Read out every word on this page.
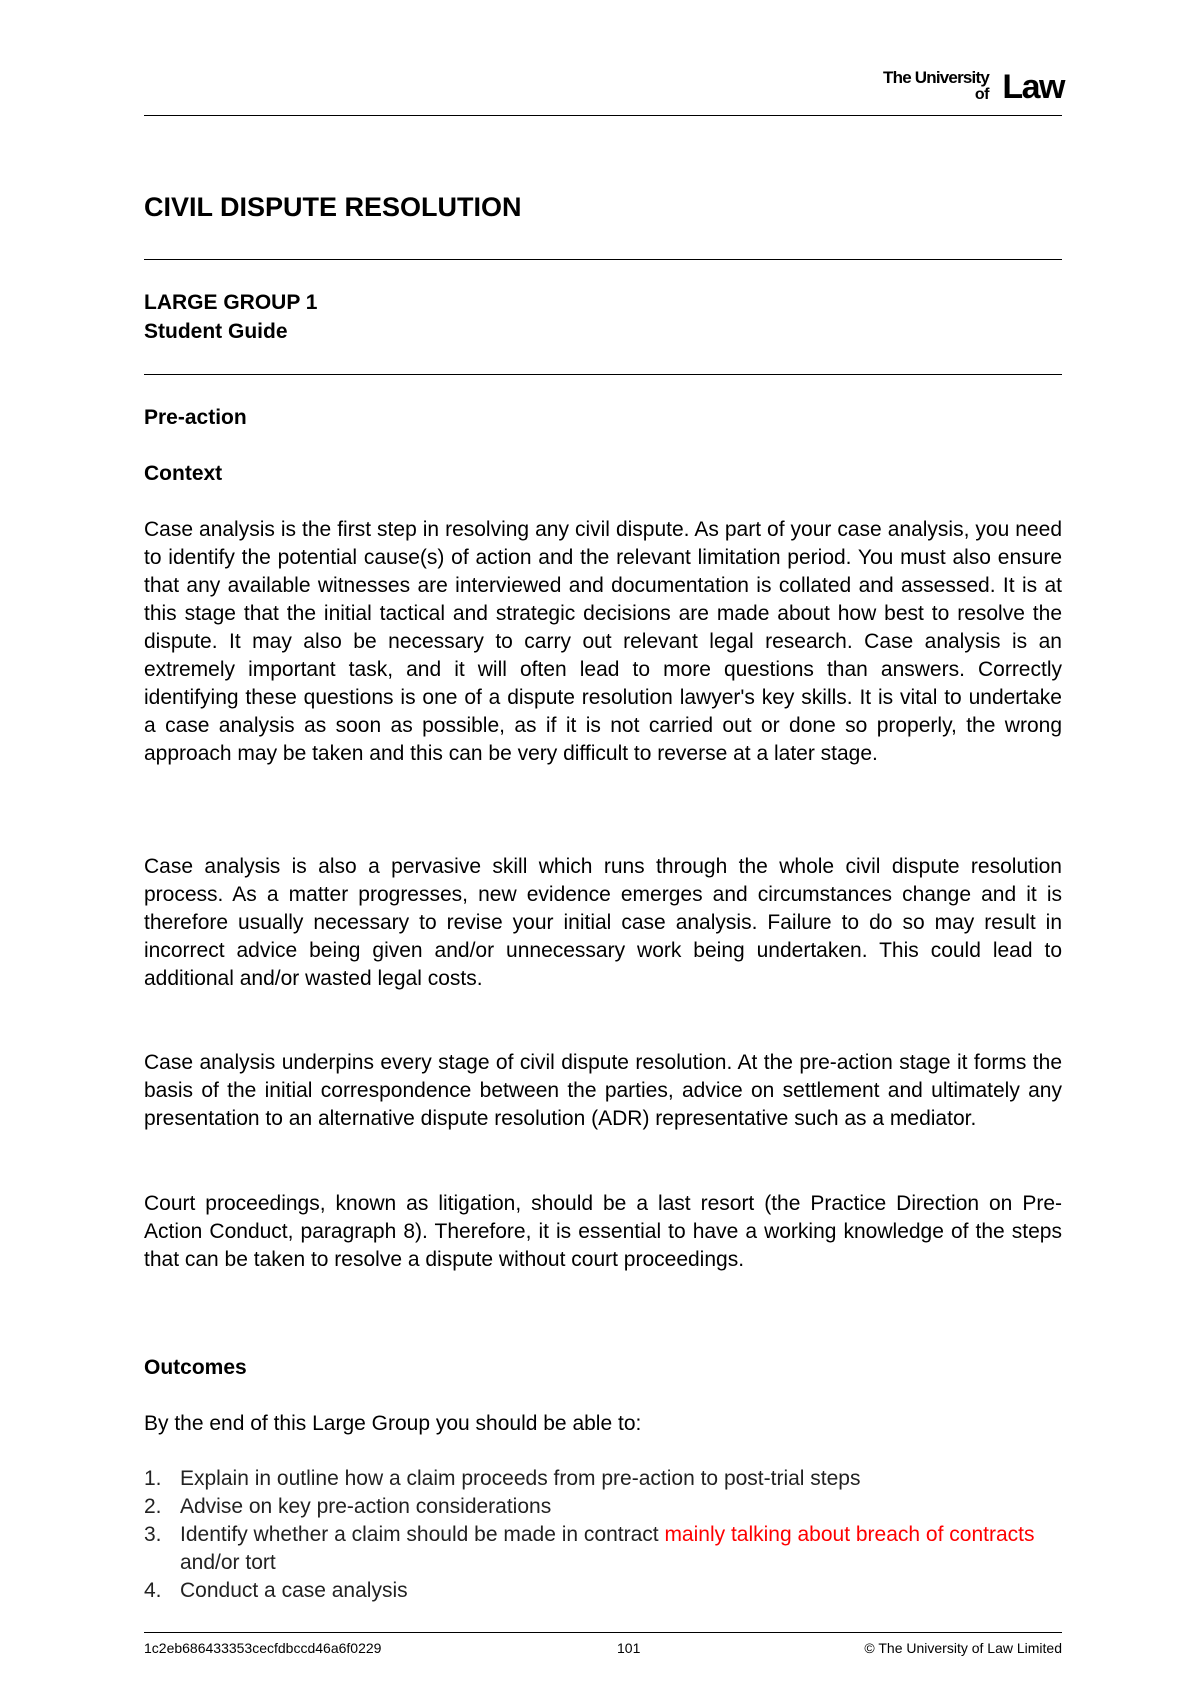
The University
of Law
CIVIL DISPUTE RESOLUTION
LARGE GROUP 1
Student Guide
Pre-action
Context

Case analysis is the first step in resolving any civil dispute. As part of your case analysis, you need to identify the potential cause(s) of action and the relevant limitation period. You must also ensure that any available witnesses are interviewed and documentation is collated and assessed. It is at this stage that the initial tactical and strategic decisions are made about how best to resolve the dispute. It may also be necessary to carry out relevant legal research. Case analysis is an extremely important task, and it will often lead to more questions than answers. Correctly identifying these questions is one of a dispute resolution lawyer's key skills. It is vital to undertake a case analysis as soon as possible, as if it is not carried out or done so properly, the wrong approach may be taken and this can be very difficult to reverse at a later stage.

Case analysis is also a pervasive skill which runs through the whole civil dispute resolution process. As a matter progresses, new evidence emerges and circumstances change and it is therefore usually necessary to revise your initial case analysis. Failure to do so may result in incorrect advice being given and/or unnecessary work being undertaken. This could lead to additional and/or wasted legal costs.

Case analysis underpins every stage of civil dispute resolution. At the pre-action stage it forms the basis of the initial correspondence between the parties, advice on settlement and ultimately any presentation to an alternative dispute resolution (ADR) representative such as a mediator.

Court proceedings, known as litigation, should be a last resort (the Practice Direction on Pre-Action Conduct, paragraph 8). Therefore, it is essential to have a working knowledge of the steps that can be taken to resolve a dispute without court proceedings.

Outcomes
By the end of this Large Group you should be able to:
1. Explain in outline how a claim proceeds from pre-action to post-trial steps
2. Advise on key pre-action considerations
3. Identify whether a claim should be made in contract mainly talking about breach of contracts and/or tort
4. Conduct a case analysis
1c2eb686433353cecfdbccd46a6f0229	101	© The University of Law Limited
